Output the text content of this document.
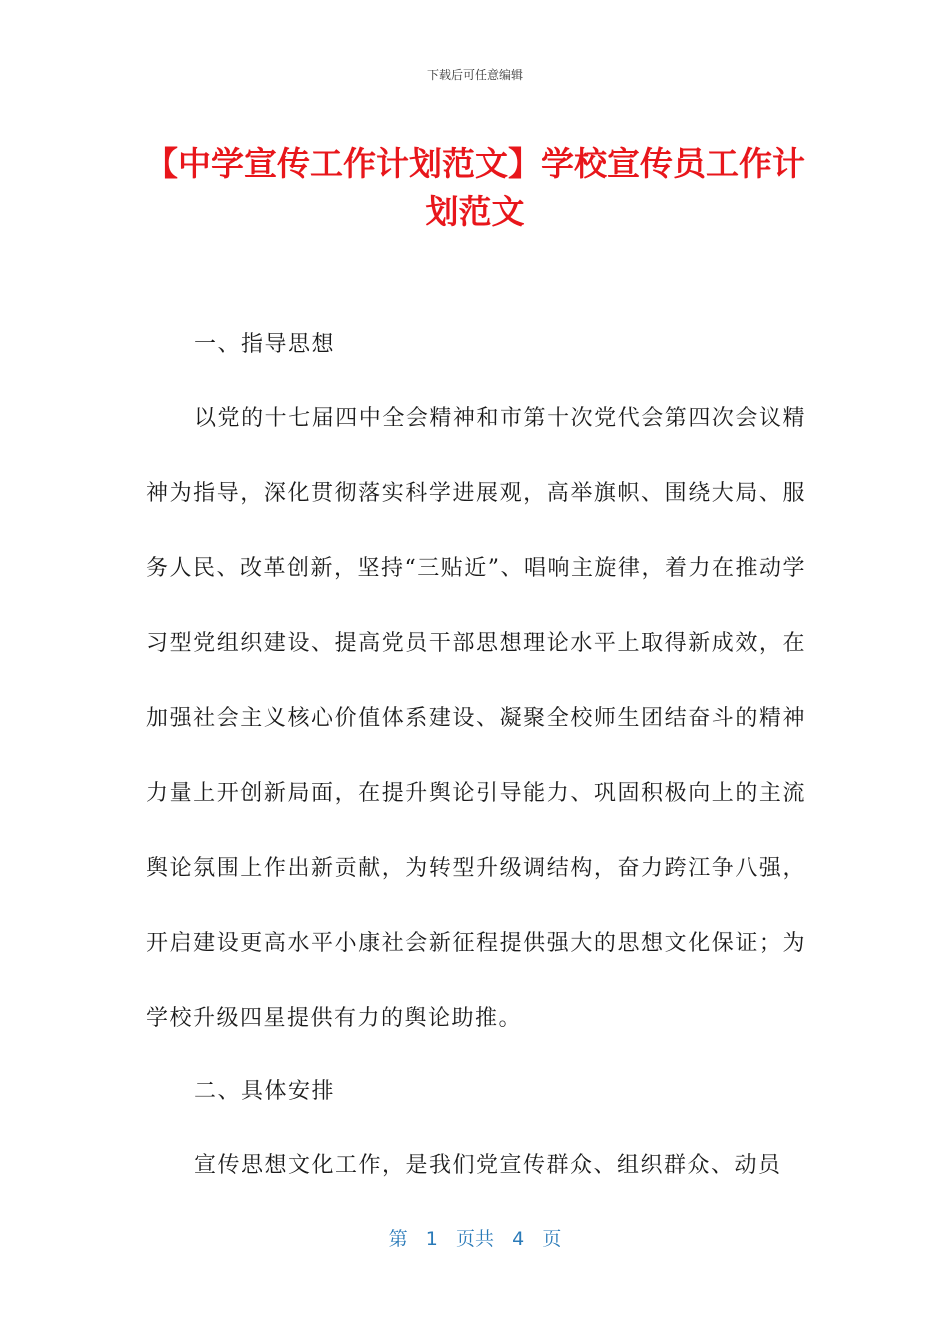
下载后可任意编辑
【中学宣传工作计划范文】学校宣传员工作计划范文
一、指导思想

以党的十七届四中全会精神和市第十次党代会第四次会议精神为指导，深化贯彻落实科学进展观，高举旗帜、围绕大局、服务人民、改革创新，坚持“三贴近”、唱响主旋律，着力在推动学习型党组织建设、提高党员干部思想理论水平上取得新成效，在加强社会主义核心价值体系建设、凝聚全校师生团结奋斗的精神力量上开创新局面，在提升舆论引导能力、巩固积极向上的主流舆论氛围上作出新贡献，为转型升级调结构，奋力跨江争八强，开启建设更高水平小康社会新征程提供强大的思想文化保证；为学校升级四星提供有力的舆论助推。

二、具体安排

宣传思想文化工作，是我们党宣传群众、组织群众、动员

第 1 页共 4 页
